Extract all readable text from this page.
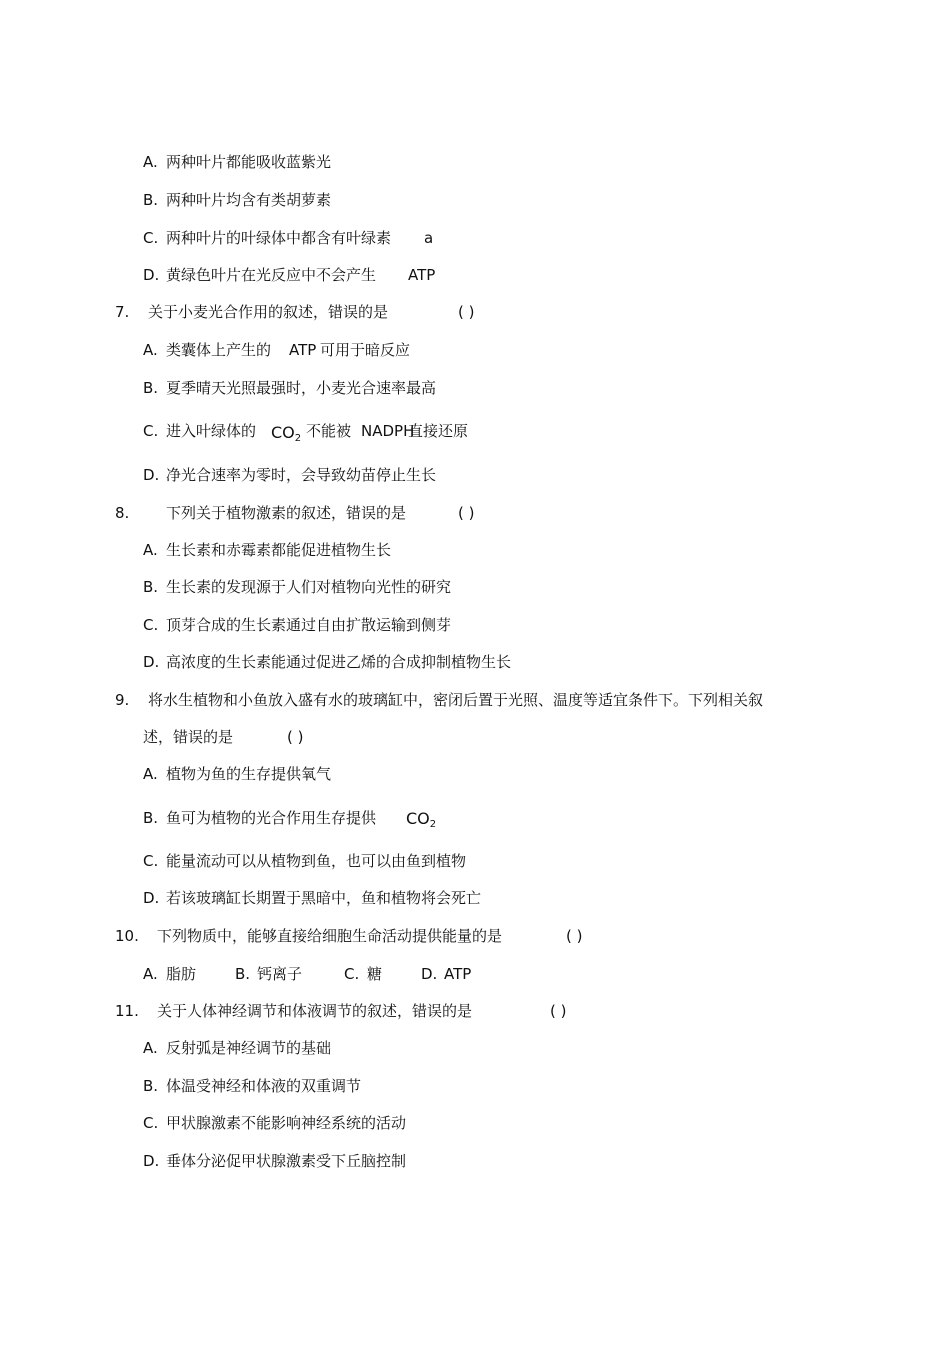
A. 两种叶片都能吸收蓝紫光
B. 两种叶片均含有类胡萝素
C. 两种叶片的叶绿体中都含有叶绿素 a
D. 黄绿色叶片在光反应中不会产生 ATP
7. 关于小麦光合作用的叙述，错误的是	( )
A. 类囊体上产生的 ATP 可用于暗反应
B. 夏季晴天光照最强时，小麦光合速率最高
C. 进入叶绿体的 $CO_2$ 不能被 NADPH
直接还原
D. 净光合速率为零时，会导致幼苗停止生长
8. 下列关于植物激素的叙述，错误的是	( )
A. 生长素和赤霉素都能促进植物生长
B. 生长素的发现源于人们对植物向光性的研究
C. 顶芽合成的生长素通过自由扩散运输到侧芽
D. 高浓度的生长素能通过促进乙烯的合成抑制植物生长
9. 将水生植物和小鱼放入盛有水的玻璃缸中，密闭后置于光照、温度等适宜条件下。下列相关叙
述，错误的是	( )
A. 植物为鱼的生存提供氧气
B. 鱼可为植物的光合作用生存提供 $CO_2$
C. 能量流动可以从植物到鱼，也可以由鱼到植物
D. 若该玻璃缸长期置于黑暗中，鱼和植物将会死亡
10. 下列物质中，能够直接给细胞生命活动提供能量的是	( )
A. 脂肪	B. 钙离子	C. 糖	D. ATP
11. 关于人体神经调节和体液调节的叙述，错误的是	( )
A. 反射弧是神经调节的基础
B. 体温受神经和体液的双重调节
C. 甲状腺激素不能影响神经系统的活动
D. 垂体分泌促甲状腺激素受下丘脑控制
